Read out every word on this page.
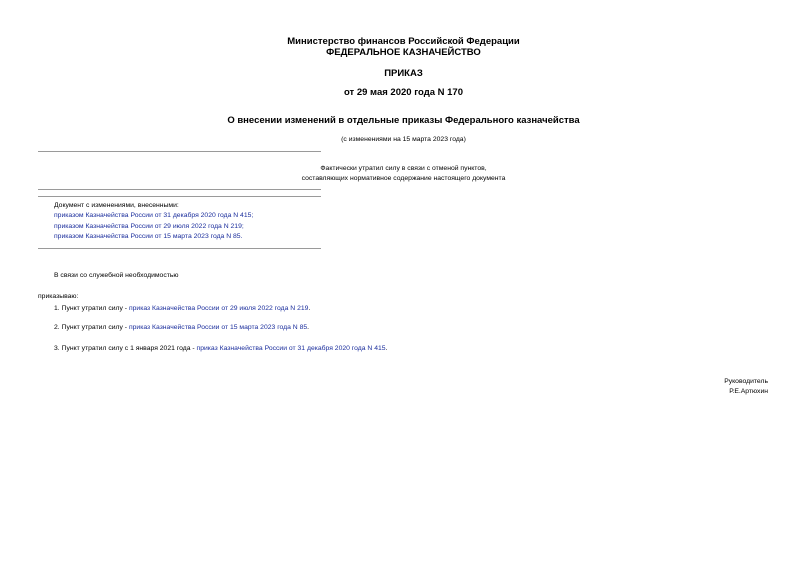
Министерство финансов Российской Федерации
ФЕДЕРАЛЬНОЕ КАЗНАЧЕЙСТВО
ПРИКАЗ
от 29 мая 2020 года N 170
О внесении изменений в отдельные приказы Федерального казначейства
(с изменениями на 15 марта 2023 года)
Фактически утратил силу в связи с отменой пунктов,
составляющих нормативное содержание настоящего документа
Документ с изменениями, внесенными:
приказом Казначейства России от 31 декабря 2020 года N 415;
приказом Казначейства России от 29 июля 2022 года N 219;
приказом Казначейства России от 15 марта 2023 года N 85.
В связи со служебной необходимостью
приказываю:
1. Пункт утратил силу - приказ Казначейства России от 29 июля 2022 года N 219.
2. Пункт утратил силу - приказ Казначейства России от 15 марта 2023 года N 85.
3. Пункт утратил силу с 1 января 2021 года - приказ Казначейства России от 31 декабря 2020 года N 415.
Руководитель
Р.Е.Артюхин
